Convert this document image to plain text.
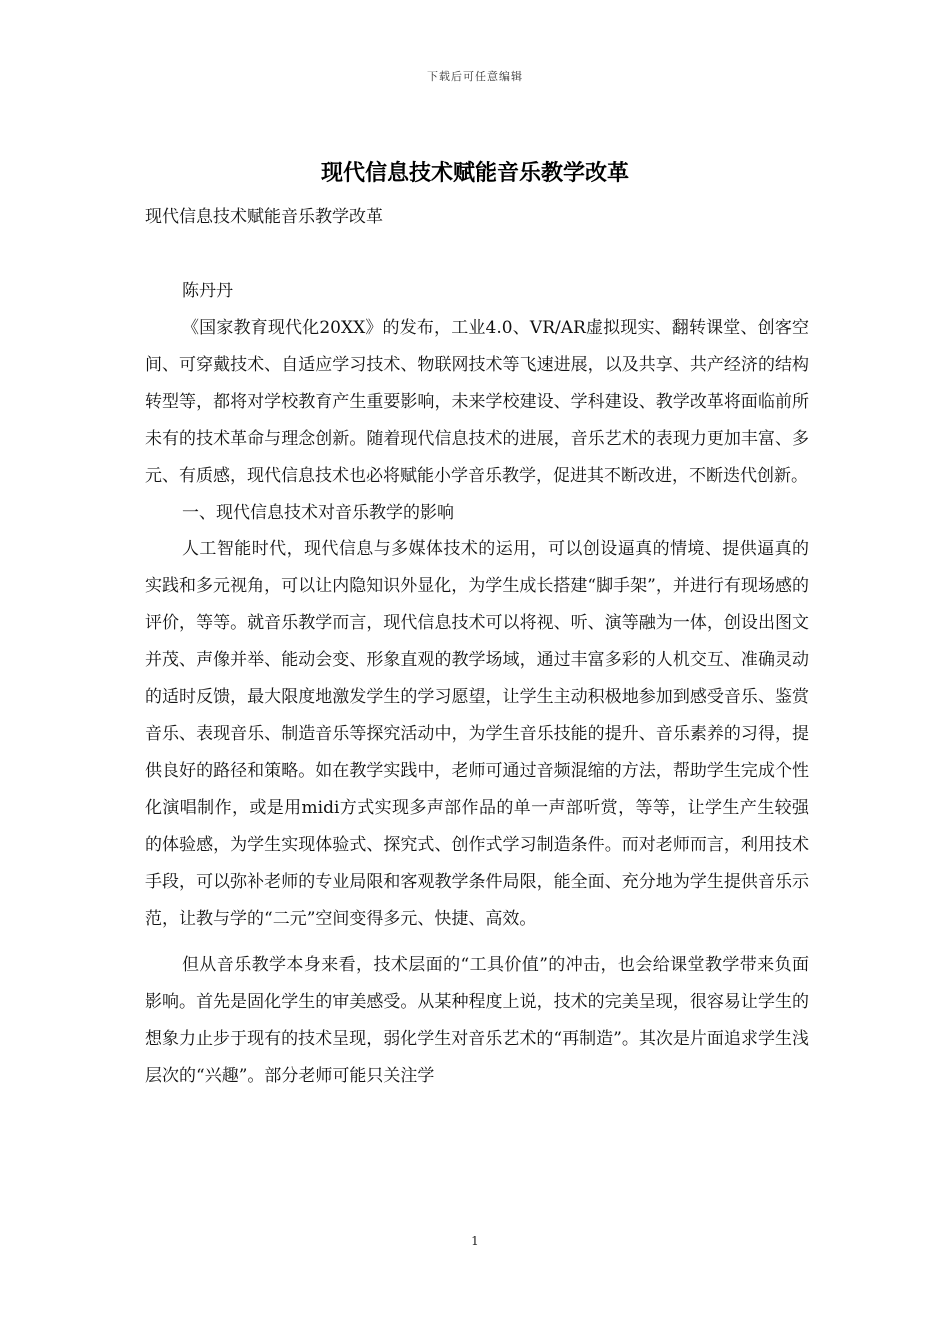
下载后可任意编辑
现代信息技术赋能音乐教学改革
现代信息技术赋能音乐教学改革
陈丹丹

《国家教育现代化20XX》的发布，工业4.0、VR/AR虚拟现实、翻转课堂、创客空间、可穿戴技术、自适应学习技术、物联网技术等飞速进展，以及共享、共产经济的结构转型等，都将对学校教育产生重要影响，未来学校建设、学科建设、教学改革将面临前所未有的技术革命与理念创新。随着现代信息技术的进展，音乐艺术的表现力更加丰富、多元、有质感，现代信息技术也必将赋能小学音乐教学，促进其不断改进，不断迭代创新。

一、现代信息技术对音乐教学的影响

人工智能时代，现代信息与多媒体技术的运用，可以创设逼真的情境、提供逼真的实践和多元视角，可以让内隐知识外显化，为学生成长搭建“脚手架”，并进行有现场感的评价，等等。就音乐教学而言，现代信息技术可以将视、听、演等融为一体，创设出图文并茂、声像并举、能动会变、形象直观的教学场域，通过丰富多彩的人机交互、准确灵动的适时反馈，最大限度地激发学生的学习愿望，让学生主动积极地参加到感受音乐、鉴赏音乐、表现音乐、制造音乐等探究活动中，为学生音乐技能的提升、音乐素养的习得，提供良好的路径和策略。如在教学实践中，老师可通过音频混缩的方法，帮助学生完成个性化演唱制作，或是用midi方式实现多声部作品的单一声部听赏，等等，让学生产生较强的体验感，为学生实现体验式、探究式、创作式学习制造条件。而对老师而言，利用技术手段，可以弥补老师的专业局限和客观教学条件局限，能全面、充分地为学生提供音乐示范，让教与学的“二元”空间变得多元、快捷、高效。

但从音乐教学本身来看，技术层面的“工具价值”的冲击，也会给课堂教学带来负面影响。首先是固化学生的审美感受。从某种程度上说，技术的完美呈现，很容易让学生的想象力止步于现有的技术呈现，弱化学生对音乐艺术的“再制造”。其次是片面追求学生浅层次的“兴趣”。部分老师可能只关注学

1
